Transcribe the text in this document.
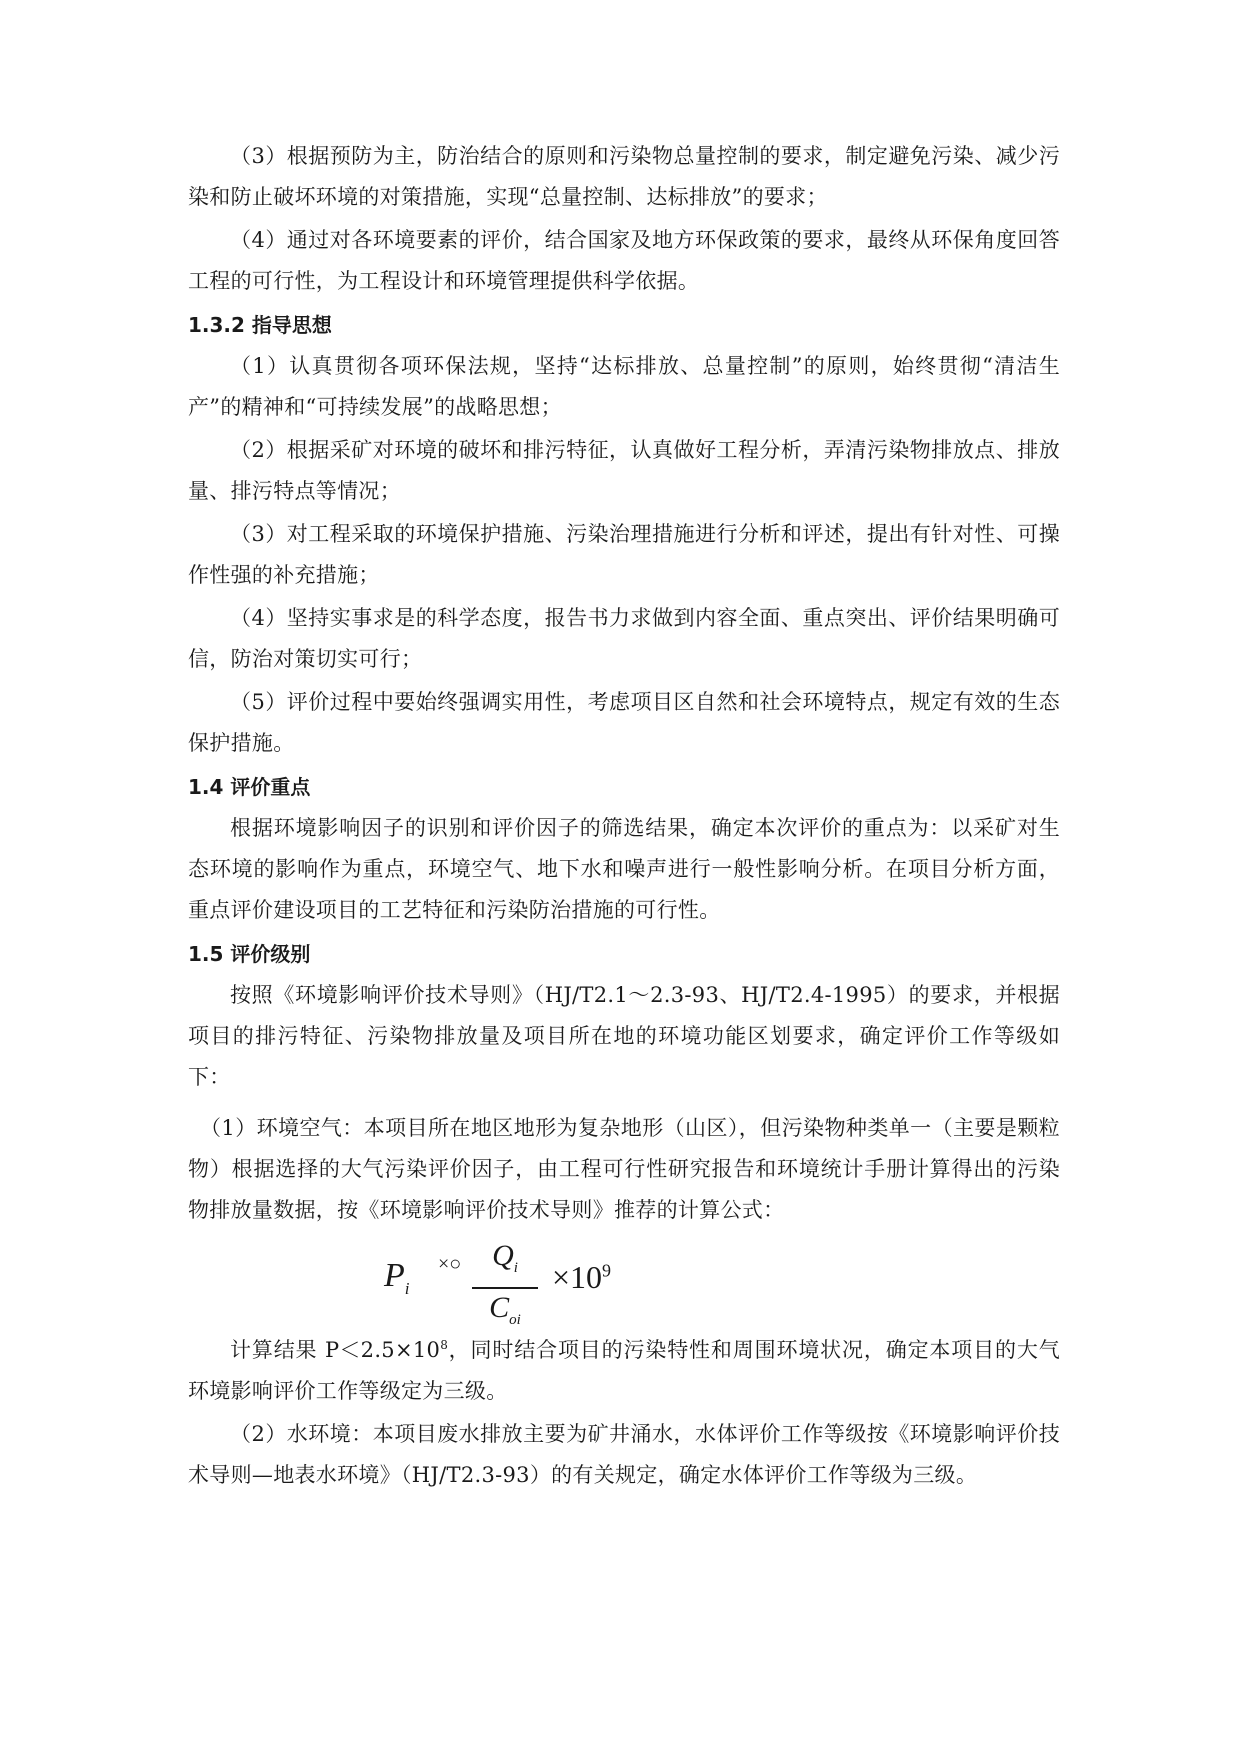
（3）根据预防为主，防治结合的原则和污染物总量控制的要求，制定避免污染、减少污染和防止破坏环境的对策措施，实现“总量控制、达标排放”的要求；

（4）通过对各环境要素的评价，结合国家及地方环保政策的要求，最终从环保角度回答工程的可行性，为工程设计和环境管理提供科学依据。

1.3.2 指导思想

（1）认真贯彻各项环保法规，坚持“达标排放、总量控制”的原则，始终贯彻“清洁生产”的精神和“可持续发展”的战略思想；

（2）根据采矿对环境的破坏和排污特征，认真做好工程分析，弄清污染物排放点、排放量、排污特点等情况；

（3）对工程采取的环境保护措施、污染治理措施进行分析和评述，提出有针对性、可操作性强的补充措施；

（4）坚持实事求是的科学态度，报告书力求做到内容全面、重点突出、评价结果明确可信，防治对策切实可行；

（5）评价过程中要始终强调实用性，考虑项目区自然和社会环境特点，规定有效的生态保护措施。

1.4 评价重点

根据环境影响因子的识别和评价因子的筛选结果，确定本次评价的重点为：以采矿对生态环境的影响作为重点，环境空气、地下水和噪声进行一般性影响分析。在项目分析方面，重点评价建设项目的工艺特征和污染防治措施的可行性。

1.5 评价级别

按照《环境影响评价技术导则》（HJ/T2.1～2.3-93、HJ/T2.4-1995）的要求，并根据项目的排污特征、污染物排放量及项目所在地的环境功能区划要求，确定评价工作等级如下：

（1）环境空气：本项目所在地区地形为复杂地形（山区），但污染物种类单一（主要是颗粒物）根据选择的大气污染评价因子，由工程可行性研究报告和环境统计手册计算得出的污染物排放量数据，按《环境影响评价技术导则》推荐的计算公式：

$P_i$
×○	$Q_i$
$C_{oi}$
$\times 10^9$

计算结果 $P<2.5\times 10^8$，同时结合项目的污染特性和周围环境状况，确定本项目的大气环境影响评价工作等级定为三级。

（2）水环境：本项目废水排放主要为矿井涌水，水体评价工作等级按《环境影响评价技术导则—地表水环境》（HJ/T2.3-93）的有关规定，确定水体评价工作等级为三级。
